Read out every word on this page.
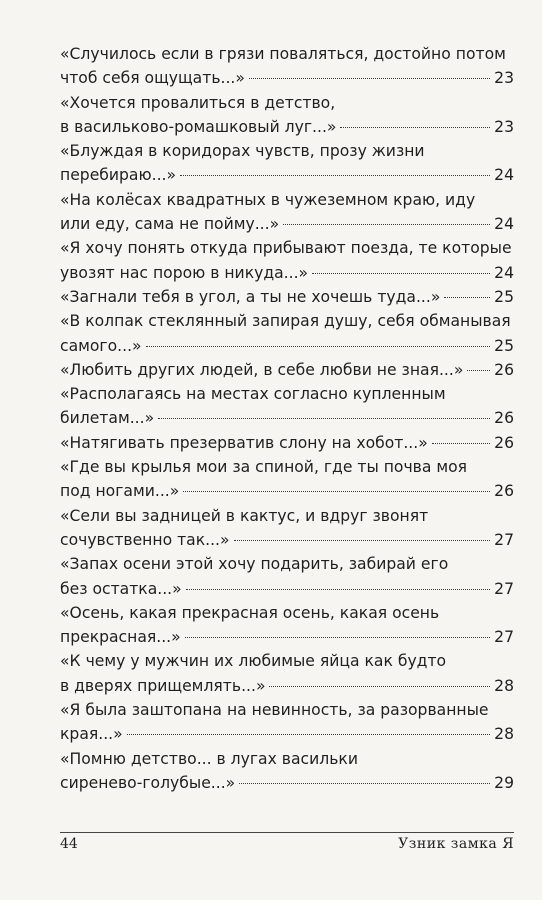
«Случилось если в грязи поваляться, достойно потом
чтоб себя ощущать...»	23
«Хочется провалиться в детство,
в васильково-ромашковый луг...»	23
«Блуждая в коридорах чувств, прозу жизни
перебираю...»	24
«На колёсах квадратных в чужеземном краю, иду
или еду, сама не пойму...»	24
«Я хочу понять откуда прибывают поезда, те которые
увозят нас порою в никуда...»	24
«Загнали тебя в угол, а ты не хочешь туда...»	25
«В колпак стеклянный запирая душу, себя обманывая
самого...»	25
«Любить других людей, в себе любви не зная...» 26
«Располагаясь на местах согласно купленным
билетам...»	26
«Натягивать презерватив слону на хобот...»	26
«Где вы крылья мои за спиной, где ты почва моя
под ногами...»	26
«Сели вы задницей в кактус, и вдруг звонят
сочувственно так...»	27
«Запах осени этой хочу подарить, забирай его
без остатка...»	27
«Осень, какая прекрасная осень, какая осень
прекрасная...»	27
«К чему у мужчин их любимые яйца как будто
в дверях прищемлять...»	28
«Я была заштопана на невинность, за разорванные
края...»	28
«Помню детство... в лугах васильки
сиренево-голубые...»	29
44	Узник замка Я
